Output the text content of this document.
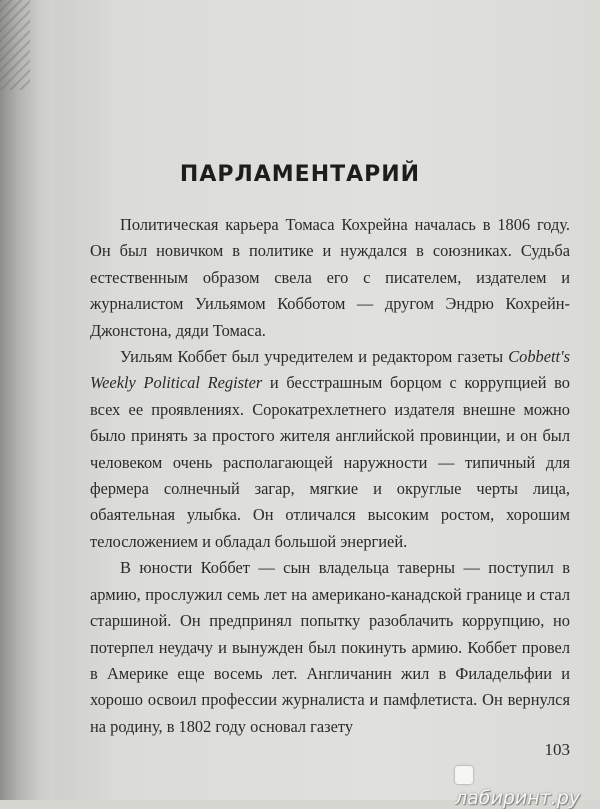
ПАРЛАМЕНТАРИЙ

Политическая карьера Томаса Кохрейна началась в 1806 году. Он был новичком в политике и нуждался в союзниках. Судьба естественным образом свела его с писателем, издателем и журналистом Уильямом Кобботом — другом Эндрю Кохрейн-Джонстона, дяди Томаса.

Уильям Коббет был учредителем и редактором газеты Cobbett's Weekly Political Register и бесстрашным борцом с коррупцией во всех ее проявлениях. Сорокатрехлетнего издателя внешне можно было принять за простого жителя английской провинции, и он был человеком очень располагающей наружности — типичный для фермера солнечный загар, мягкие и округлые черты лица, обаятельная улыбка. Он отличался высоким ростом, хорошим телосложением и обладал большой энергией.

В юности Коббет — сын владельца таверны — поступил в армию, прослужил семь лет на американо-канадской границе и стал старшиной. Он предпринял попытку разоблачить коррупцию, но потерпел неудачу и вынужден был покинуть армию. Коббет провел в Америке еще восемь лет. Англичанин жил в Филадельфии и хорошо освоил профессии журналиста и памфлетиста. Он вернулся на родину, в 1802 году основал газету

103
лабиринт.ру
